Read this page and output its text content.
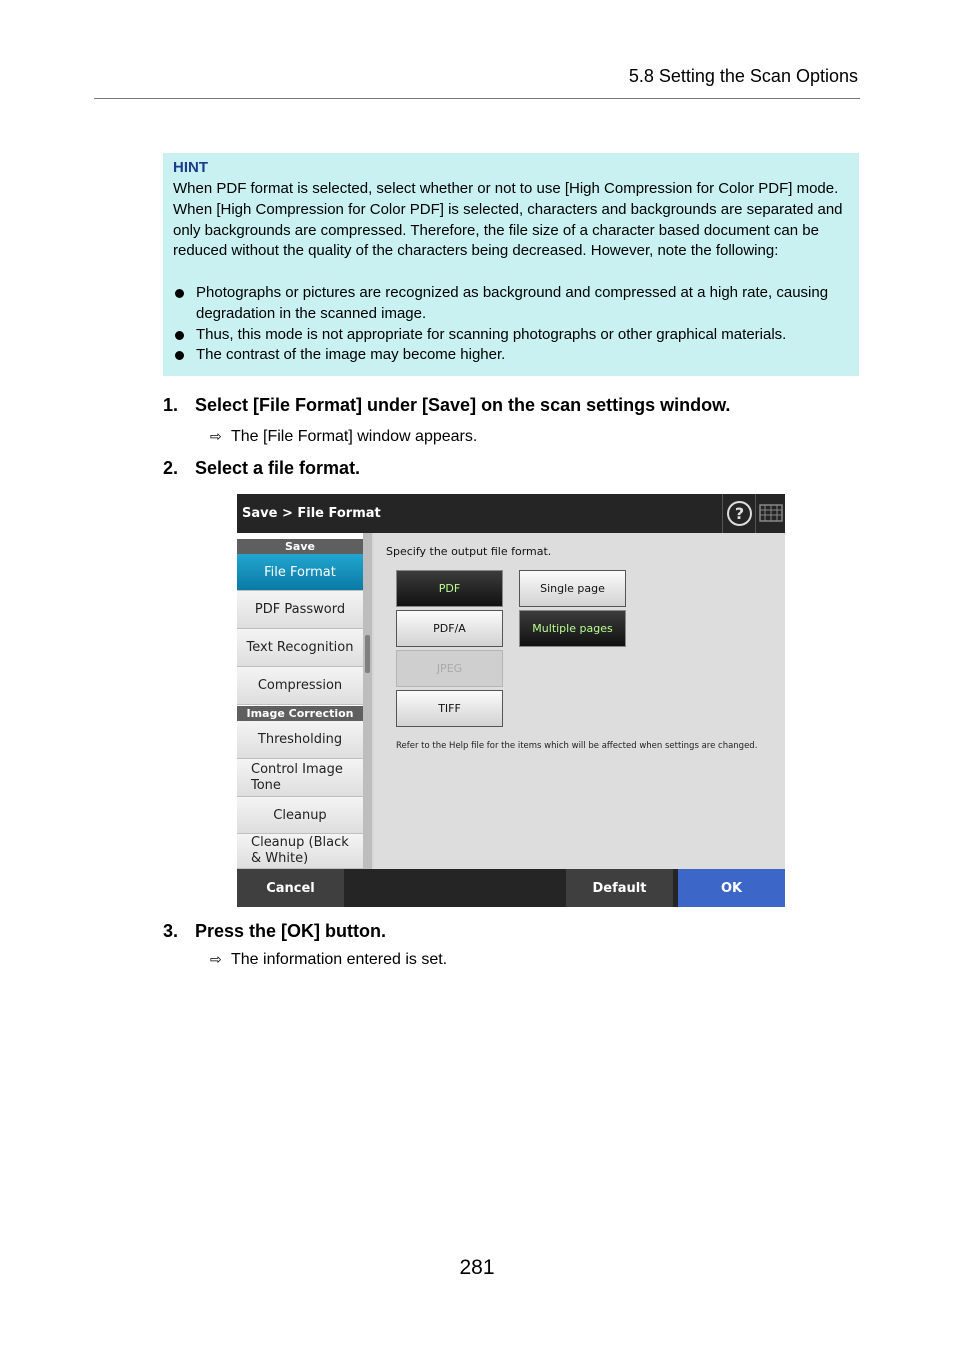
5.8 Setting the Scan Options
HINT
When PDF format is selected, select whether or not to use [High Compression for Color PDF] mode. When [High Compression for Color PDF] is selected, characters and backgrounds are separated and only backgrounds are compressed. Therefore, the file size of a character based document can be reduced without the quality of the characters being decreased. However, note the following:
Photographs or pictures are recognized as background and compressed at a high rate, causing degradation in the scanned image.
Thus, this mode is not appropriate for scanning photographs or other graphical materials.
The contrast of the image may become higher.
1. Select [File Format] under [Save] on the scan settings window.
⇨ The [File Format] window appears.
2. Select a file format.
Save > File Format	?
Save
File Format
PDF Password
Text Recognition
Compression
Image Correction
Thresholding
Control Image Tone
Cleanup
Cleanup (Black & White)
Specify the output file format.
PDF
PDF/A
JPEG
TIFF
Single page
Multiple pages
Refer to the Help file for the items which will be affected when settings are changed.
Cancel	Default	OK
3. Press the [OK] button.
⇨ The information entered is set.
281
